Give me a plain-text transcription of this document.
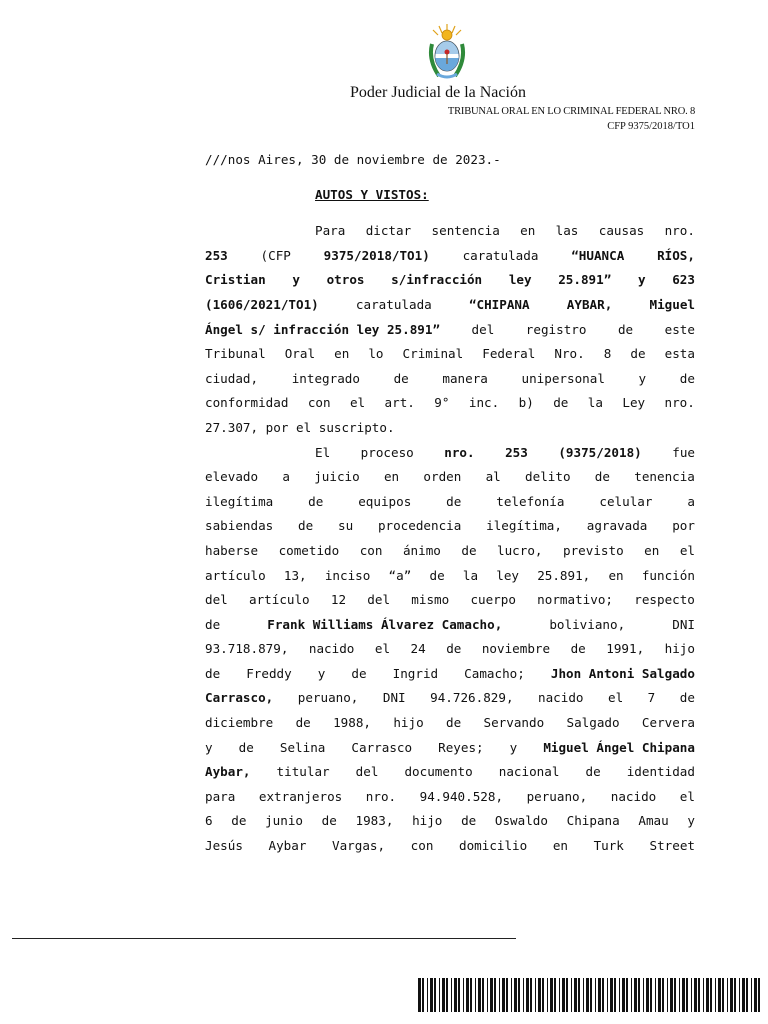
Poder Judicial de la Nación
TRIBUNAL ORAL EN LO CRIMINAL FEDERAL NRO. 8
CFP 9375/2018/TO1
///nos Aires, 30 de noviembre de 2023.-
AUTOS Y VISTOS:
Para dictar sentencia en las causas nro.
253	(CFP	9375/2018/TO1)	caratulada	“HUANCA	RÍOS,
Cristian y otros s/infracción ley 25.891” y 623
(1606/2021/TO1)	caratulada	“CHIPANA	AYBAR,	Miguel
Ángel s/ infracción ley 25.891”	del	registro	de	este
Tribunal Oral en lo Criminal Federal Nro. 8 de esta
ciudad,	integrado	de	manera	unipersonal	y	de
conformidad con el art. 9° inc. b) de la Ley nro.
27.307, por el suscripto.
El proceso nro. 253 (9375/2018) fue
elevado a juicio en orden al delito de tenencia
ilegítima	de	equipos	de	telefonía	celular	a
sabiendas de su procedencia ilegítima, agravada por
haberse cometido con ánimo de lucro, previsto en el
artículo 13, inciso “a” de la ley 25.891, en función
del artículo 12 del mismo cuerpo normativo; respecto
de	Frank Williams Álvarez Camacho,	boliviano,	DNI
93.718.879, nacido el 24 de noviembre de 1991, hijo
de Freddy y de Ingrid Camacho; Jhon Antoni Salgado
Carrasco, peruano, DNI 94.726.829, nacido el 7 de
diciembre de 1988, hijo de Servando Salgado Cervera
y de Selina Carrasco Reyes; y Miguel Ángel Chipana
Aybar, titular del documento nacional de identidad
para extranjeros nro. 94.940.528, peruano, nacido el
6 de junio de 1983, hijo de Oswaldo Chipana Amau y
Jesús Aybar Vargas, con domicilio en Turk Street
